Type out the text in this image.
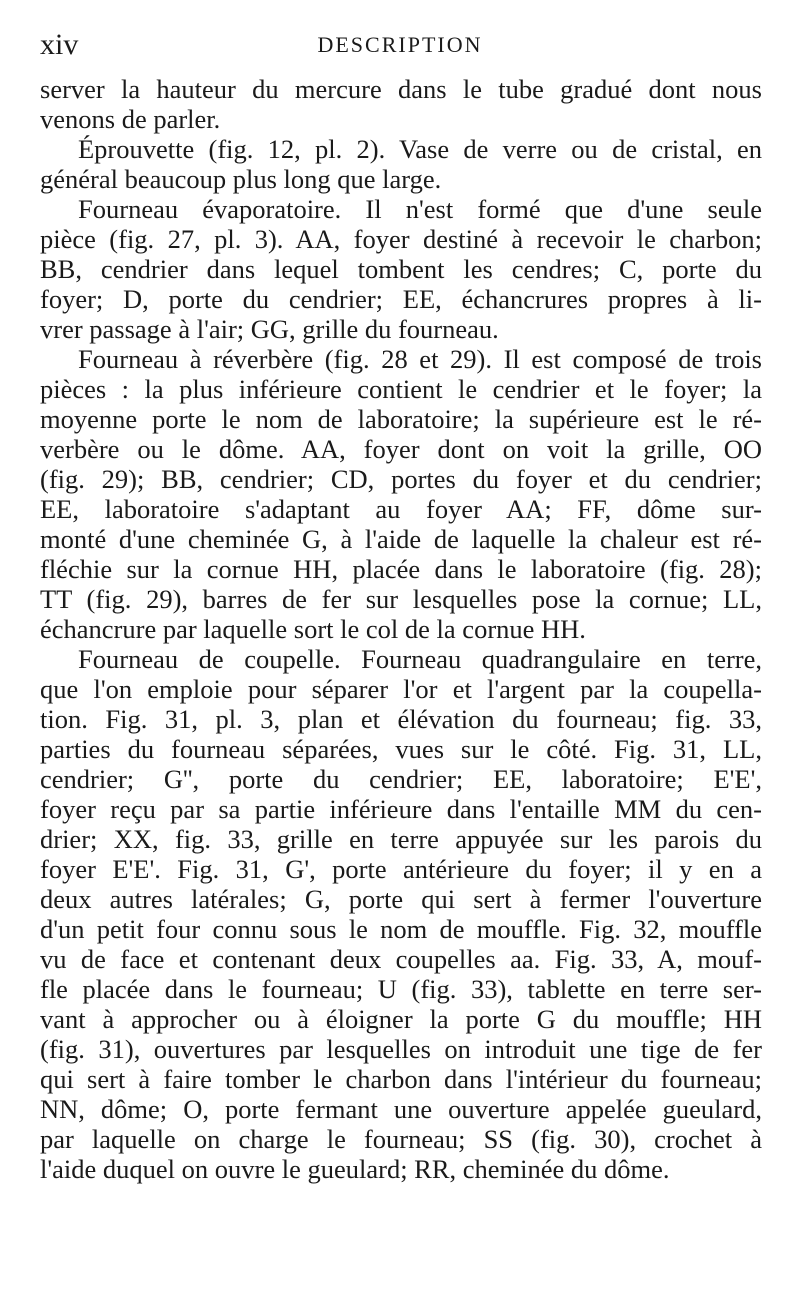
xiv	DESCRIPTION
server la hauteur du mercure dans le tube gradué dont nous
venons de parler.
Éprouvette (fig. 12, pl. 2). Vase de verre ou de cristal, en
général beaucoup plus long que large.
Fourneau évaporatoire. Il n'est formé que d'une seule
pièce (fig. 27, pl. 3). AA, foyer destiné à recevoir le charbon;
BB, cendrier dans lequel tombent les cendres; C, porte du
foyer; D, porte du cendrier; EE, échancrures propres à li-
vrer passage à l'air; GG, grille du fourneau.
Fourneau à réverbère (fig. 28 et 29). Il est composé de trois
pièces : la plus inférieure contient le cendrier et le foyer; la
moyenne porte le nom de laboratoire; la supérieure est le ré-
verbère ou le dôme. AA, foyer dont on voit la grille, OO
(fig. 29); BB, cendrier; CD, portes du foyer et du cendrier;
EE, laboratoire s'adaptant au foyer AA; FF, dôme sur-
monté d'une cheminée G, à l'aide de laquelle la chaleur est ré-
fléchie sur la cornue HH, placée dans le laboratoire (fig. 28);
TT (fig. 29), barres de fer sur lesquelles pose la cornue; LL,
échancrure par laquelle sort le col de la cornue HH.
Fourneau de coupelle. Fourneau quadrangulaire en terre,
que l'on emploie pour séparer l'or et l'argent par la coupella-
tion. Fig. 31, pl. 3, plan et élévation du fourneau; fig. 33,
parties du fourneau séparées, vues sur le côté. Fig. 31, LL,
cendrier; G'', porte du cendrier; EE, laboratoire; E'E',
foyer reçu par sa partie inférieure dans l'entaille MM du cen-
drier; XX, fig. 33, grille en terre appuyée sur les parois du
foyer E'E'. Fig. 31, G', porte antérieure du foyer; il y en a
deux autres latérales; G, porte qui sert à fermer l'ouverture
d'un petit four connu sous le nom de mouffle. Fig. 32, mouffle
vu de face et contenant deux coupelles aa. Fig. 33, A, mouf-
fle placée dans le fourneau; U (fig. 33), tablette en terre ser-
vant à approcher ou à éloigner la porte G du mouffle; HH
(fig. 31), ouvertures par lesquelles on introduit une tige de fer
qui sert à faire tomber le charbon dans l'intérieur du fourneau;
NN, dôme; O, porte fermant une ouverture appelée gueulard,
par laquelle on charge le fourneau; SS (fig. 30), crochet à
l'aide duquel on ouvre le gueulard; RR, cheminée du dôme.
